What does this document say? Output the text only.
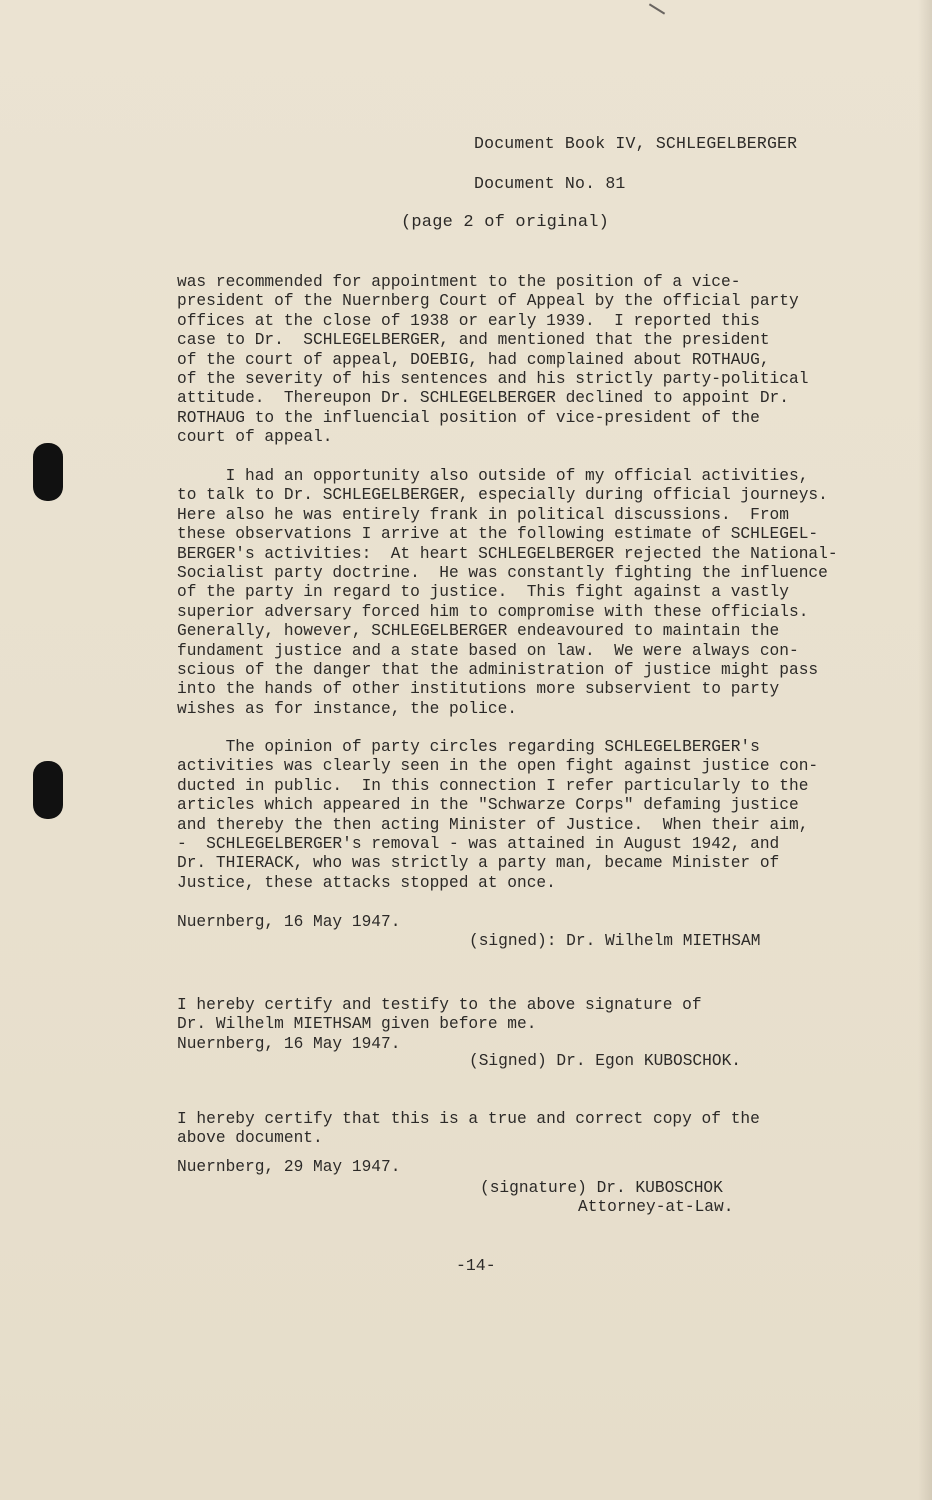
Document Book IV, SCHLEGELBERGER
Document No. 81
(page 2 of original)
was recommended for appointment to the position of a vice-
president of the Nuernberg Court of Appeal by the official party
offices at the close of 1938 or early 1939.  I reported this
case to Dr.  SCHLEGELBERGER, and mentioned that the president
of the court of appeal, DOEBIG, had complained about ROTHAUG,
of the severity of his sentences and his strictly party-political
attitude.  Thereupon Dr. SCHLEGELBERGER declined to appoint Dr.
ROTHAUG to the influencial position of vice-president of the
court of appeal.
I had an opportunity also outside of my official activities,
to talk to Dr. SCHLEGELBERGER, especially during official journeys.
Here also he was entirely frank in political discussions.  From
these observations I arrive at the following estimate of SCHLEGEL-
BERGER's activities:  At heart SCHLEGELBERGER rejected the National-
Socialist party doctrine.  He was constantly fighting the influence
of the party in regard to justice.  This fight against a vastly
superior adversary forced him to compromise with these officials.
Generally, however, SCHLEGELBERGER endeavoured to maintain the
fundament justice and a state based on law.  We were always con-
scious of the danger that the administration of justice might pass
into the hands of other institutions more subservient to party
wishes as for instance, the police.
The opinion of party circles regarding SCHLEGELBERGER's
activities was clearly seen in the open fight against justice con-
ducted in public.  In this connection I refer particularly to the
articles which appeared in the "Schwarze Corps" defaming justice
and thereby the then acting Minister of Justice.  When their aim,
-  SCHLEGELBERGER's removal - was attained in August 1942, and
Dr. THIERACK, who was strictly a party man, became Minister of
Justice, these attacks stopped at once.
Nuernberg, 16 May 1947.
(signed): Dr. Wilhelm MIETHSAM
I hereby certify and testify to the above signature of
Dr. Wilhelm MIETHSAM given before me.
Nuernberg, 16 May 1947.
(Signed) Dr. Egon KUBOSCHOK.
I hereby certify that this is a true and correct copy of the
above document.
Nuernberg, 29 May 1947.
(signature) Dr. KUBOSCHOK
Attorney-at-Law.
-14-
